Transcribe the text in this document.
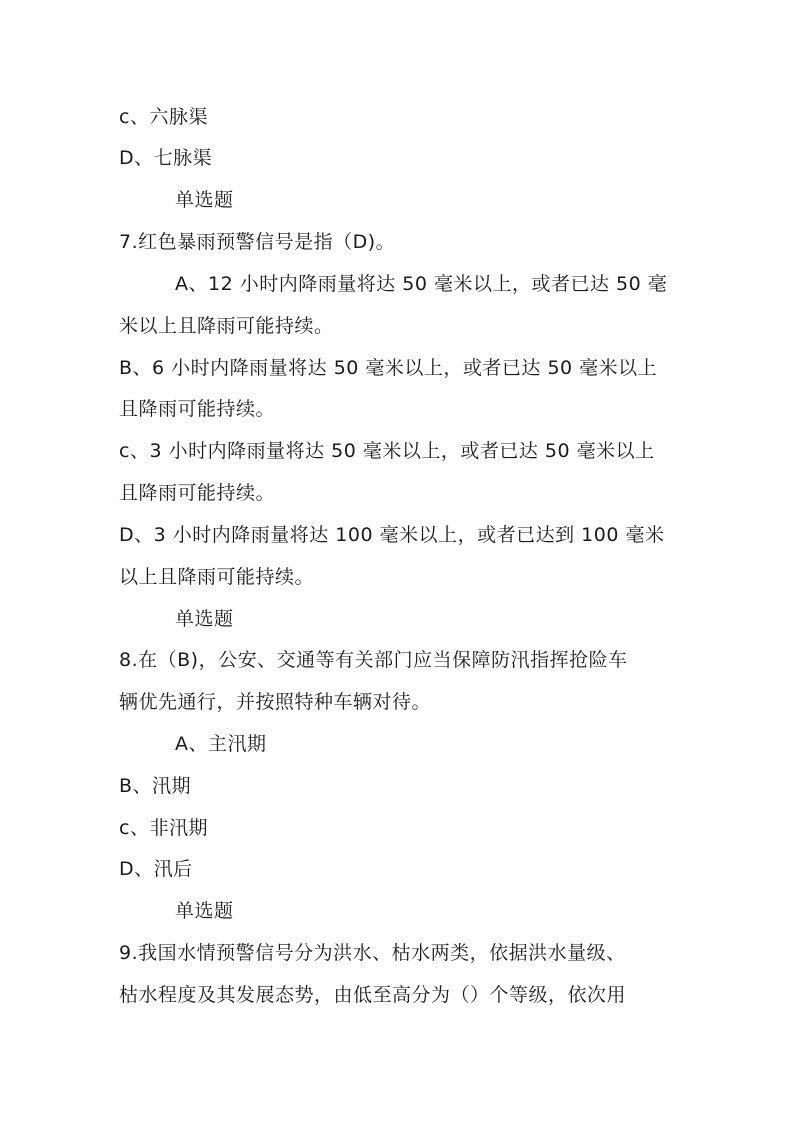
c、六脉渠
D、七脉渠
单选题
7.红色暴雨预警信号是指（D)。
A、12 小时内降雨量将达 50 毫米以上，或者已达 50 毫
米以上且降雨可能持续。
B、6 小时内降雨量将达 50 毫米以上，或者已达 50 毫米以上
且降雨可能持续。
c、3 小时内降雨量将达 50 毫米以上，或者已达 50 毫米以上
且降雨可能持续。
D、3 小时内降雨量将达 100 毫米以上，或者已达到 100 毫米
以上且降雨可能持续。
单选题
8.在（B)，公安、交通等有关部门应当保障防汛指挥抢险车
辆优先通行，并按照特种车辆对待。
A、主汛期
B、汛期
c、非汛期
D、汛后
单选题
9.我国水情预警信号分为洪水、枯水两类，依据洪水量级、
枯水程度及其发展态势，由低至高分为（）个等级，依次用
